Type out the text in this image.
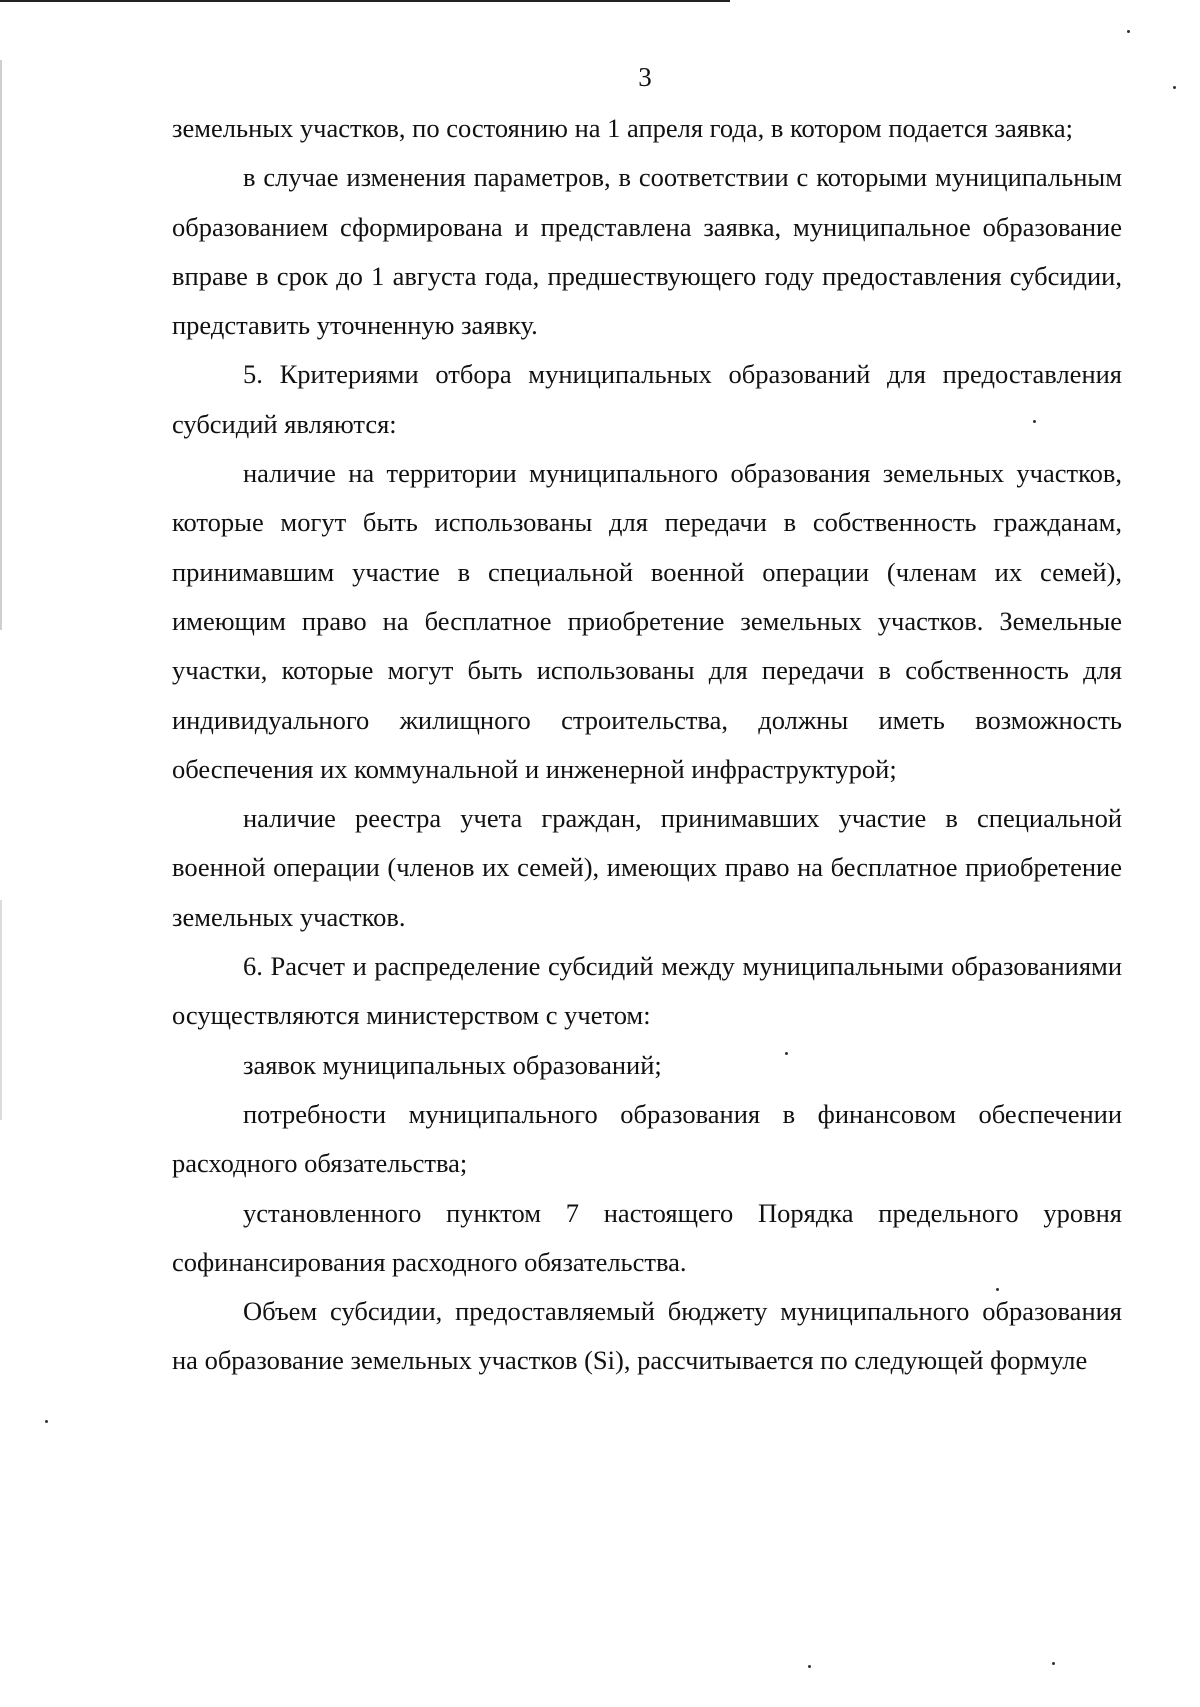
3

земельных участков, по состоянию на 1 апреля года, в котором подается заявка;

в случае изменения параметров, в соответствии с которыми муниципальным образованием сформирована и представлена заявка, муниципальное образование вправе в срок до 1 августа года, предшествующего году предоставления субсидии, представить уточненную заявку.

5. Критериями отбора муниципальных образований для предоставления субсидий являются:

наличие на территории муниципального образования земельных участков, которые могут быть использованы для передачи в собственность гражданам, принимавшим участие в специальной военной операции (членам их семей), имеющим право на бесплатное приобретение земельных участков. Земельные участки, которые могут быть использованы для передачи в собственность для индивидуального жилищного строительства, должны иметь возможность обеспечения их коммунальной и инженерной инфраструктурой;

наличие реестра учета граждан, принимавших участие в специальной военной операции (членов их семей), имеющих право на бесплатное приобретение земельных участков.

6. Расчет и распределение субсидий между муниципальными образованиями осуществляются министерством с учетом:

заявок муниципальных образований;

потребности муниципального образования в финансовом обеспечении расходного обязательства;

установленного пунктом 7 настоящего Порядка предельного уровня софинансирования расходного обязательства.

Объем субсидии, предоставляемый бюджету муниципального образования на образование земельных участков (Si), рассчитывается по следующей формуле
